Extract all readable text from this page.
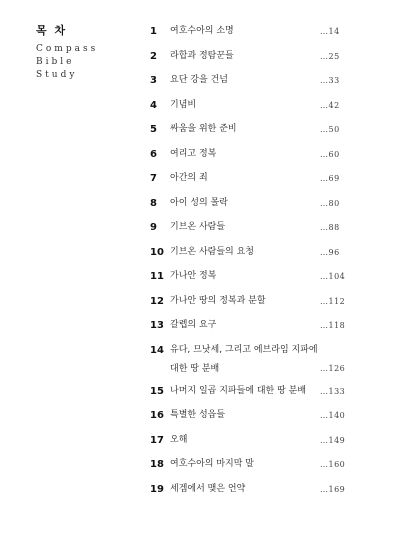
목 차
Compass
Bible
Study
1 여호수아의 소명	…14
2 라합과 정탐꾼들	…25
3 요단 강을 건넘	…33
4 기념비	…42
5 싸움을 위한 준비	…50
6 여리고 정복	…60
7 아간의 죄	…69
8 아이 성의 몰락	…80
9 기브온 사람들	…88
10 기브온 사람들의 요청	…96
11 가나안 정복	…104
12 가나안 땅의 정복과 분할	…112
13 갈렙의 요구	…118
14 유다, 므낫세, 그리고 에브라임 지파에 대한 땅 분배	…126
15 나머지 일곱 지파들에 대한 땅 분배	…133
16 특별한 성읍들	…140
17 오해	…149
18 여호수아의 마지막 말	…160
19 세겜에서 맺은 언약	…169
